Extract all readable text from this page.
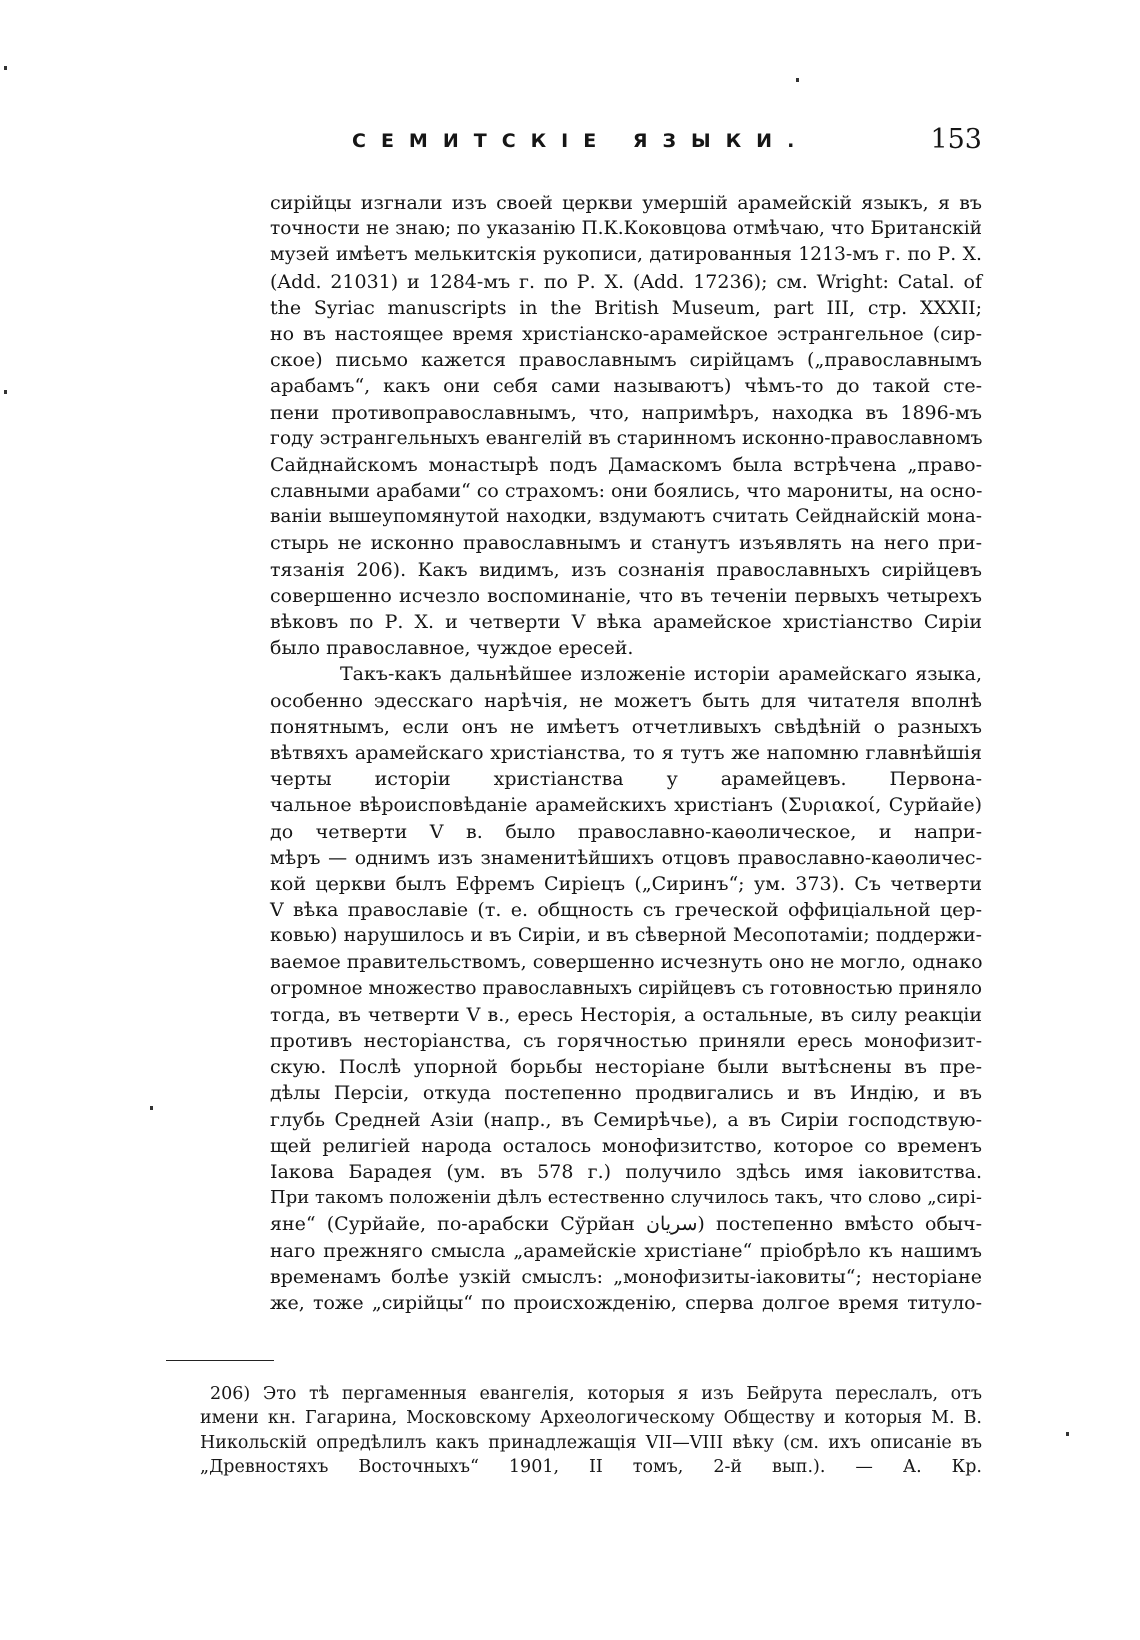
СЕМИТСКІЕ ЯЗЫКИ.	153
сирійцы изгнали изъ своей церкви умершій арамейскій языкъ, я въ
точности не знаю; по указанію П.К.Коковцова отмѣчаю, что Британскій
музей имѣетъ мелькитскія рукописи, датированныя 1213-мъ г. по Р. Х.
(Add. 21031) и 1284-мъ г. по Р. Х. (Add. 17236); см. Wright: Catal. of
the Syriac manuscripts in the British Museum, part III, стр. XXXII;
но въ настоящее время христіанско-арамейское эстрангельное (сир-
ское) письмо кажется православнымъ сирійцамъ („православнымъ
арабамъ“, какъ они себя сами называютъ) чѣмъ-то до такой сте-
пени противоправославнымъ, что, напримѣръ, находка въ 1896-мъ
году эстрангельныхъ евангелій въ старинномъ исконно-православномъ
Сайднайскомъ монастырѣ подъ Дамаскомъ была встрѣчена „право-
славными арабами“ со страхомъ: они боялись, что марониты, на осно-
ваніи вышеупомянутой находки, вздумаютъ считать Сейднайскій мона-
стырь не исконно православнымъ и станутъ изъявлять на него при-
тязанія 206). Какъ видимъ, изъ сознанія православныхъ сирійцевъ
совершенно исчезло воспоминаніе, что въ теченіи первыхъ четырехъ
вѣковъ по Р. Х. и четверти V вѣка арамейское христіанство Сиріи
было православное, чуждое ересей.
Такъ-какъ дальнѣйшее изложеніе исторіи арамейскаго языка,
особенно эдесскаго нарѣчія, не можетъ быть для читателя вполнѣ
понятнымъ, если онъ не имѣетъ отчетливыхъ свѣдѣній о разныхъ
вѣтвяхъ арамейскаго христіанства, то я тутъ же напомню главнѣйшія
черты исторіи христіанства у арамейцевъ. Первона-
чальное вѣроисповѣданіе арамейскихъ христіанъ (Συριακοί, Сурйайе)
до четверти V в. было православно-каѳолическое, и напри-
мѣръ — однимъ изъ знаменитѣйшихъ отцовъ православно-каѳоличес-
кой церкви былъ Ефремъ Сиріецъ („Сиринъ“; ум. 373). Съ четверти
V вѣка православіе (т. е. общность съ греческой оффиціальной цер-
ковью) нарушилось и въ Сиріи, и въ сѣверной Месопотаміи; поддержи-
ваемое правительствомъ, совершенно исчезнуть оно не могло, однако
огромное множество православныхъ сирійцевъ съ готовностью приняло
тогда, въ четверти V в., ересь Несторія, а остальные, въ силу реакціи
противъ несторіанства, съ горячностью приняли ересь монофизит-
скую. Послѣ упорной борьбы несторіане были вытѣснены въ пре-
дѣлы Персіи, откуда постепенно продвигались и въ Индію, и въ
глубь Средней Азіи (напр., въ Семирѣчье), а въ Сиріи господствую-
щей религіей народа осталось монофизитство, которое со временъ
Іакова Барадея (ум. въ 578 г.) получило здѣсь имя іаковитства.
При такомъ положеніи дѣлъ естественно случилось такъ, что слово „сирі-
яне“ (Сурйайе, по-арабски Сўрйан سريان) постепенно вмѣсто обыч-
наго прежняго смысла „арамейскіе христіане“ пріобрѣло къ нашимъ
временамъ болѣе узкій смыслъ: „монофизиты-іаковиты“; несторіане
же, тоже „сирійцы“ по происхожденію, сперва долгое время титуло-
206) Это тѣ пергаменныя евангелія, которыя я изъ Бейрута переслалъ, отъ
имени кн. Гагарина, Московскому Археологическому Обществу и которыя М. В.
Никольскій опредѣлилъ какъ принадлежащія VII—VIII вѣку (см. ихъ описаніе въ
„Древностяхъ Восточныхъ“ 1901, II томъ, 2-й вып.). — А. Кр.
